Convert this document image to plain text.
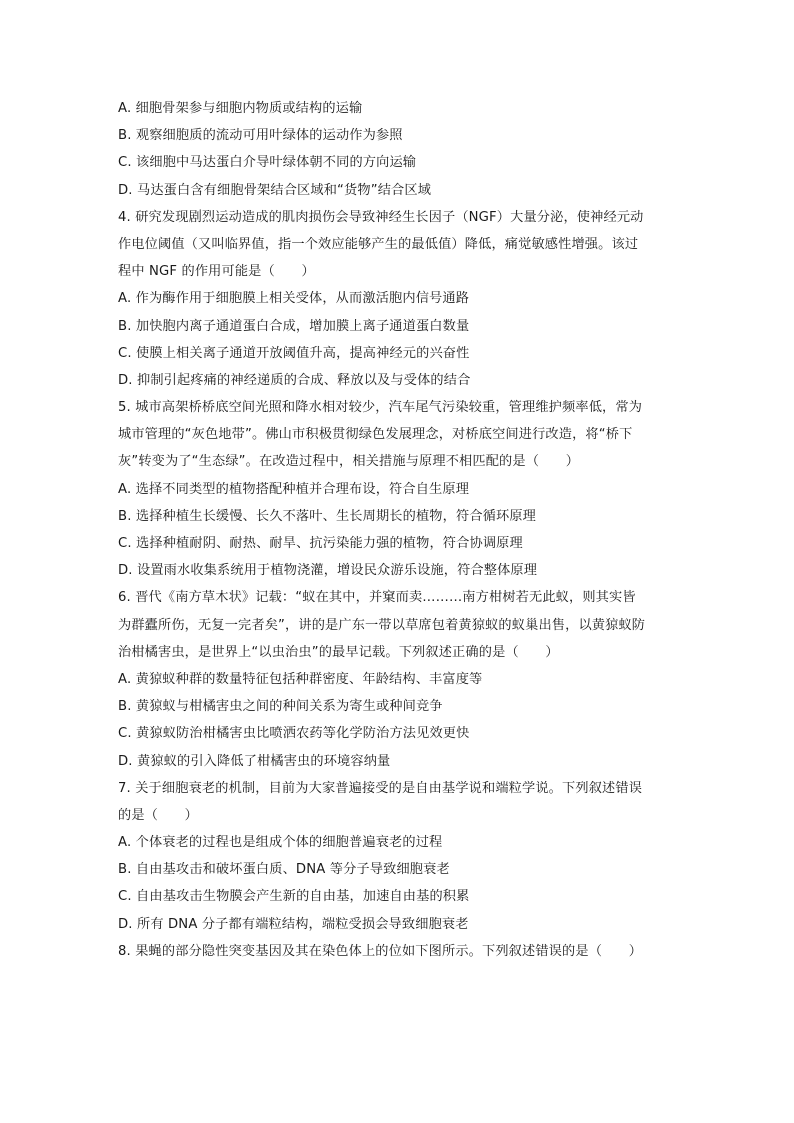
A. 细胞骨架参与细胞内物质或结构的运输
B. 观察细胞质的流动可用叶绿体的运动作为参照
C. 该细胞中马达蛋白介导叶绿体朝不同的方向运输
D. 马达蛋白含有细胞骨架结合区域和“货物”结合区域
4. 研究发现剧烈运动造成的肌肉损伤会导致神经生长因子（NGF）大量分泌，使神经元动
作电位阈值（又叫临界值，指一个效应能够产生的最低值）降低，痛觉敏感性增强。该过
程中 NGF 的作用可能是（　　）
A. 作为酶作用于细胞膜上相关受体，从而激活胞内信号通路
B. 加快胞内离子通道蛋白合成，增加膜上离子通道蛋白数量
C. 使膜上相关离子通道开放阈值升高，提高神经元的兴奋性
D. 抑制引起疼痛的神经递质的合成、释放以及与受体的结合
5. 城市高架桥桥底空间光照和降水相对较少，汽车尾气污染较重，管理维护频率低，常为
城市管理的“灰色地带”。佛山市积极贯彻绿色发展理念，对桥底空间进行改造，将“桥下
灰”转变为了“生态绿”。在改造过程中，相关措施与原理不相匹配的是（　　）
A. 选择不同类型的植物搭配种植并合理布设，符合自生原理
B. 选择种植生长缓慢、长久不落叶、生长周期长的植物，符合循环原理
C. 选择种植耐阴、耐热、耐旱、抗污染能力强的植物，符合协调原理
D. 设置雨水收集系统用于植物浇灌，增设民众游乐设施，符合整体原理
6. 晋代《南方草木状》记载：“蚁在其中，并窠而卖………南方柑树若无此蚁，则其实皆
为群蠹所伤，无复一完者矣”，讲的是广东一带以草席包着黄猄蚁的蚁巢出售，以黄猄蚁防
治柑橘害虫，是世界上“以虫治虫”的最早记载。下列叙述正确的是（　　）
A. 黄猄蚁种群的数量特征包括种群密度、年龄结构、丰富度等
B. 黄猄蚁与柑橘害虫之间的种间关系为寄生或种间竞争
C. 黄猄蚁防治柑橘害虫比喷洒农药等化学防治方法见效更快
D. 黄猄蚁的引入降低了柑橘害虫的环境容纳量
7. 关于细胞衰老的机制，目前为大家普遍接受的是自由基学说和端粒学说。下列叙述错误
的是（　　）
A. 个体衰老的过程也是组成个体的细胞普遍衰老的过程
B. 自由基攻击和破坏蛋白质、DNA 等分子导致细胞衰老
C. 自由基攻击生物膜会产生新的自由基，加速自由基的积累
D. 所有 DNA 分子都有端粒结构，端粒受损会导致细胞衰老
8. 果蝇的部分隐性突变基因及其在染色体上的位如下图所示。下列叙述错误的是（　　）
